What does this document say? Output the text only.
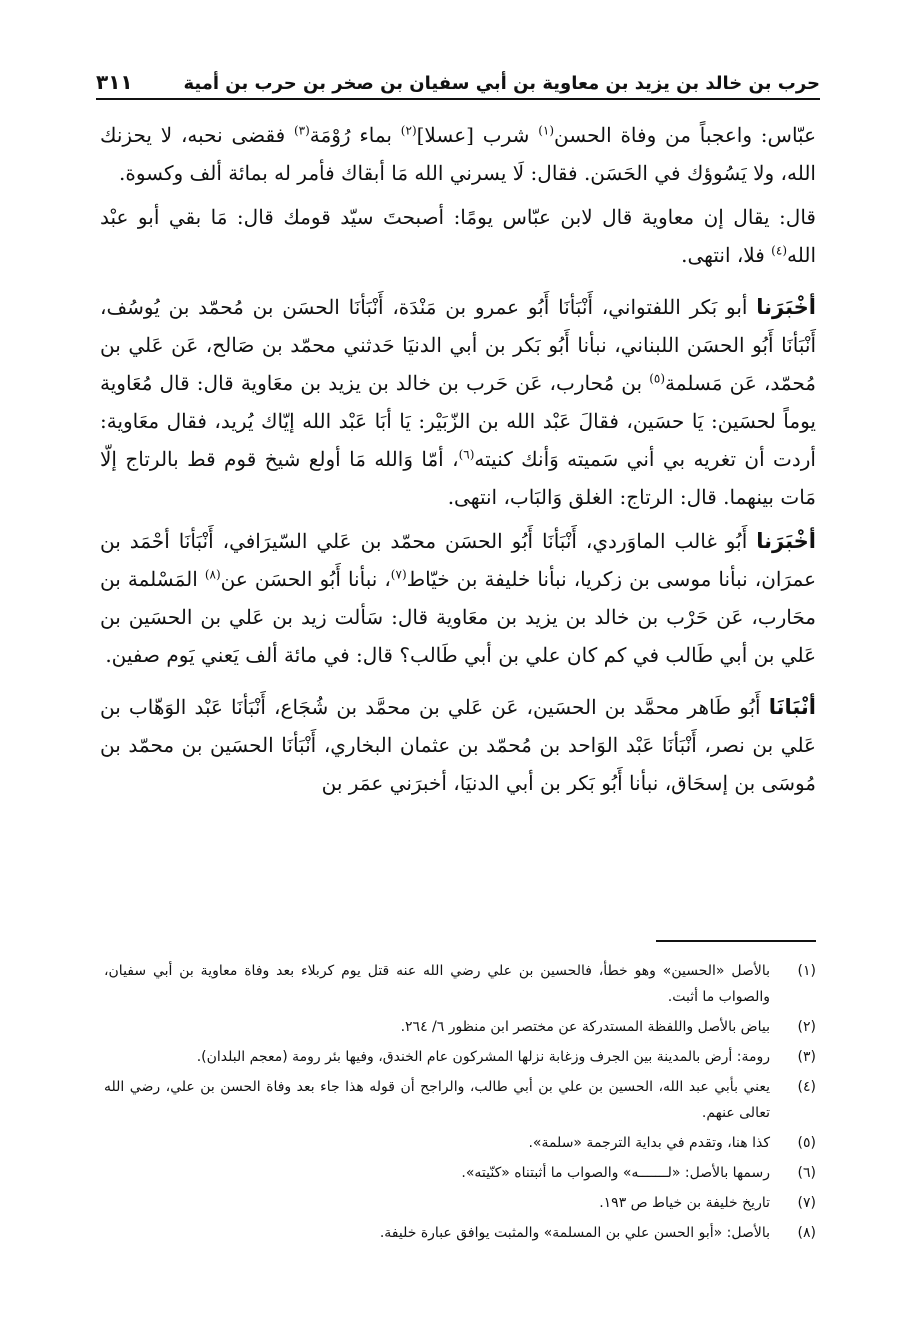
حرب بن خالد بن يزيد بن معاوية بن أبي سفيان بن صخر بن حرب بن أمية
٣١١

عبّاس: واعجباً من وفاة الحسن$^{(١)}$ شرب [عسلا]$^{(٢)}$ بماء رُوْمَة$^{(٣)}$ فقضى نحبه، لا يحزنك الله، ولا يَسُوؤك في الحَسَن. فقال: لَا يسرني الله مَا أبقاك فأمر له بمائة ألف وكسوة.

قال: يقال إن معاوية قال لابن عبّاس يومًا: أصبحتَ سيّد قومك قال: مَا بقي أبو عبْد الله$^{(٤)}$ فلا، انتهى.

أخْبَرَنا أبو بَكر اللفتواني، أَنْبَأنَا أَبُو عمرو بن مَنْدَة، أَنْبَأنَا الحسَن بن مُحمّد بن يُوسُف، أَنْبَأنَا أَبُو الحسَن اللبناني، نبأنا أَبُو بَكر بن أبي الدنيَا حَدثني محمّد بن صَالح، عَن عَلي بن مُحمّد، عَن مَسلمة$^{(٥)}$ بن مُحارب، عَن حَرب بن خالد بن يزيد بن معَاوية قال: قال مُعَاوية يوماً لحسَين: يَا حسَين، فقالَ عَبْد الله بن الزّبَيْر: يَا أبَا عَبْد الله إيّاك يُريد، فقال معَاوية: أردت أن تغريه بي أني سَميته وَأنك كنيته$^{(٦)}$، أمّا وَالله مَا أولع شيخ قوم قط بالرتاج إلّا مَات بينهما. قال: الرتاج: الغلق وَالبَاب، انتهى.

أخْبَرَنا أَبُو غالب الماوَردي، أَنْبَأنَا أَبُو الحسَن محمّد بن عَلي السّيرَافي، أَنْبَأنَا أحْمَد بن عمرَان، نبأنا موسى بن زكريا، نبأنا خليفة بن خيّاط$^{(٧)}$، نبأنا أَبُو الحسَن عن$^{(٨)}$ المَسْلمة بن محَارب، عَن حَرْب بن خالد بن يزيد بن معَاوية قال: سَألت زيد بن عَلي بن الحسَين بن عَلي بن أبي طَالب في كم كان علي بن أبي طَالب؟ قال: في مائة ألف يَعني يَوم صفين.

أنْبَانَا أَبُو طَاهر محمَّد بن الحسَين، عَن عَلي بن محمَّد بن شُجَاع، أَنْبَأنَا عَبْد الوَهّاب بن عَلي بن نصر، أَنْبَأنَا عَبْد الوَاحد بن مُحمّد بن عثمان البخاري، أَنْبَأنَا الحسَين بن محمّد بن مُوسَى بن إسحَاق، نبأنا أَبُو بَكر بن أبي الدنيَا، أخبرَني عمَر بن

(١)
بالأصل «الحسين» وهو خطأ، فالحسين بن علي رضي الله عنه قتل يوم كربلاء بعد وفاة معاوية بن أبي سفيان، والصواب ما أثبت.
(٢)
بياض بالأصل واللفظة المستدركة عن مختصر ابن منظور ٦/ ٢٦٤.
(٣)
رومة: أرض بالمدينة بين الجرف وزغابة نزلها المشركون عام الخندق، وفيها بئر رومة (معجم البلدان).
(٤)
يعني بأبي عبد الله، الحسين بن علي بن أبي طالب، والراجح أن قوله هذا جاء بعد وفاة الحسن بن علي، رضي الله تعالى عنهم.
(٥)
كذا هنا، وتقدم في بداية الترجمة «سلمة».
(٦)
رسمها بالأصل: «لـــــــه» والصواب ما أثبتناه «كنّيته».
(٧)
تاريخ خليفة بن خياط ص ١٩٣.
(٨)
بالأصل: «أبو الحسن علي بن المسلمة» والمثبت يوافق عبارة خليفة.
